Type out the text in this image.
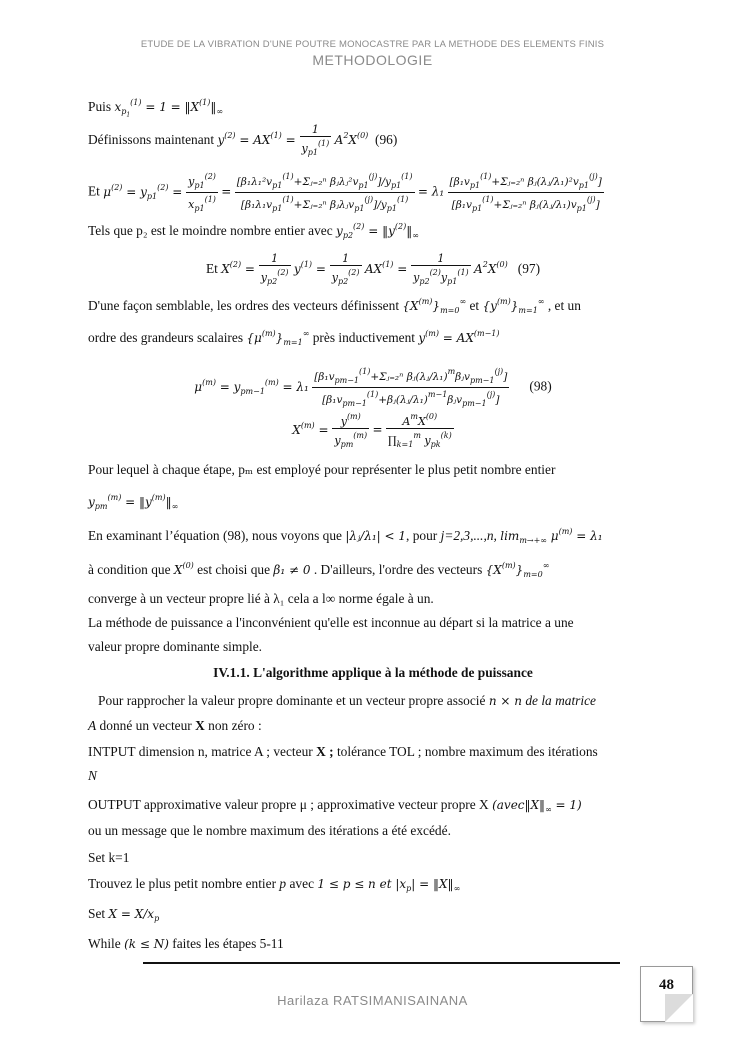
ETUDE DE LA VIBRATION D'UNE POUTRE MONOCASTRE PAR LA METHODE DES ELEMENTS FINIS
METHODOLOGIE
Puis $x_{p_1}^{(1)} = 1$ = $‖X^{(1)}‖_\infty$
Définissons maintenant $y^{(2)} = AX^{(1)} = \frac{1}{y_{p1}^{(1)}} A^2X^{(0)}$ (96)
Et $\mu^{(2)} = y_{p1}^{(2)} = \frac{y_{p1}^{(2)}}{x_{p1}^{(1)}} = \frac{[\beta_1\lambda_1^2v_{p1}^{(1)}+\Sigma ⱼ_{=2}^n \beta ⱼ\lambda ⱼ^2v_{p1}^{(j)}]/y_{p1}^{(1)}}{[\beta_1\lambda_1v_{p1}^{(1)}+\Sigma ⱼ_{=2}^n \beta ⱼ\lambda ⱼv_{p1}^{(j)}]/y_{p1}^{(1)}} = \lambda_1 \frac{[\beta_1v_{p1}^{(1)}+\Sigma ⱼ_{=2}^n \beta ⱼ(\lambda ⱼ/\lambda_1)^2v_{p1}^{(j)}]}{[\beta_1v_{p1}^{(1)}+\Sigma ⱼ_{=2}^n \beta ⱼ(\lambda ⱼ/\lambda_1)v_{p1}^{(j)}]}$
Tels que p₂ est le moindre nombre entier avec $y_{p2}^{(2)}$ = $‖y^{(2)}‖_\infty$
Et $X^{(2)} = \frac{1}{y_{p2}^{(2)}} y^{(1)} = \frac{1}{y_{p2}^{(2)}} AX^{(1)} = \frac{1}{y_{p2}^{(2)}y_{p1}^{(1)}} A^2X^{(0)}$ (97)
D'une façon semblable, les ordres des vecteurs définissent $\{X^{(m)}\}_{m=0}^\infty$ et $\{y^{(m)}\}_{m=1}^\infty$ , et un
ordre des grandeurs scalaires $\{\mu^{(m)}\}_{m=1}^\infty$ près inductivement $y^{(m)} = AX^{(m-1)}$
$\mu^{(m)} = y_{pm-1}^{(m)} = \lambda_1 \frac{[\beta_1v_{pm-1}^{(1)}+\Sigma ⱼ_{=2}^n \beta ⱼ(\lambda ⱼ/\lambda_1)^m\beta ⱼv_{pm-1}^{(j)}]}{[\beta_1v_{pm-1}^{(1)}+\beta ⱼ(\lambda ⱼ/\lambda_1)^{m-1}\beta ⱼv_{pm-1}^{(j)}]} (98)$
$X^{(m)} = \frac{y^{(m)}}{y_{pm}^{(m)}} = \frac{A^mX^{(0)}}{\prod_{k=1}^m y_{pk}^{(k)}}$
Pour lequel à chaque étape, pₘ est employé pour représenter le plus petit nombre entier
$y_{pm}^{(m)}$ = $‖y^{(m)}‖_\infty$
En examinant l’équation (98), nous voyons que |λⱼ/λ₁| < 1, pour j=2,3,...,n, $\lim_{m\to+\infty} \mu^{(m)} = \lambda_1$
à condition que $X^{(0)}$ est choisi que β₁ ≠ 0 . D'ailleurs, l'ordre des vecteurs $\{X^{(m)}\}_{m=0}^\infty$
converge à un vecteur propre lié à λ₁ cela a l∞ norme égale à un.
La méthode de puissance a l'inconvénient qu'elle est inconnue au départ si la matrice a une
valeur propre dominante simple.
IV.1.1. L'algorithme applique à la méthode de puissance
Pour rapprocher la valeur propre dominante et un vecteur propre associé n × n de la matrice
A donné un vecteur X non zéro :
INTPUT dimension n, matrice A ; vecteur X ; tolérance TOL ; nombre maximum des itérations
N
OUTPUT approximative valeur propre μ ; approximative vecteur propre X $(avec‖X‖_\infty = 1)$
ou un message que le nombre maximum des itérations a été excédé.
Set k=1
Trouvez le plus petit nombre entier p avec 1 ≤ p ≤ n et $|x_p|$ = $‖X‖_\infty$
Set $X = X/x_p$
While (k ≤ N) faites les étapes 5-11
Harilaza RATSIMANISAINANA
48
